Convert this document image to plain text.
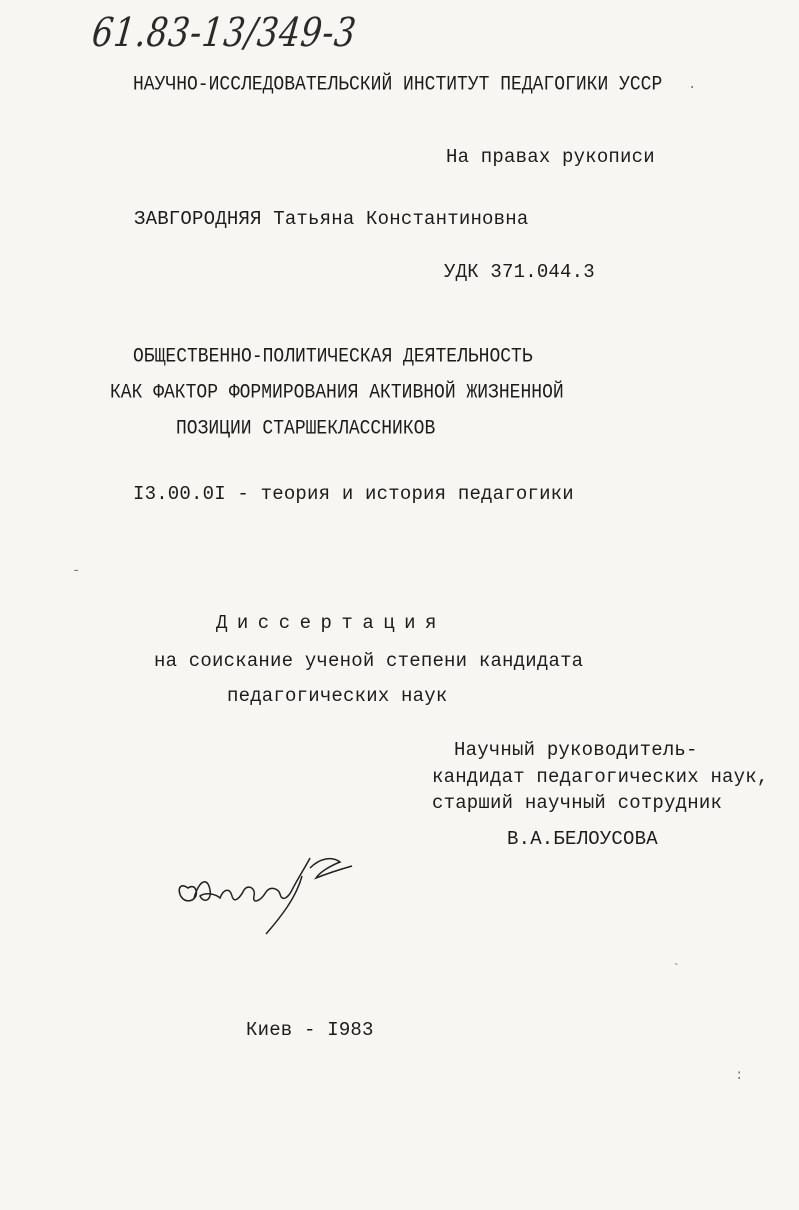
61.83-13/349-3
НАУЧНО-ИССЛЕДОВАТЕЛЬСКИЙ ИНСТИТУТ ПЕДАГОГИКИ УССР
На правах рукописи
ЗАВГОРОДНЯЯ Татьяна Константиновна
УДК 371.044.3
ОБЩЕСТВЕННО-ПОЛИТИЧЕСКАЯ ДЕЯТЕЛЬНОСТЬ
КАК ФАКТОР ФОРМИРОВАНИЯ АКТИВНОЙ ЖИЗНЕННОЙ
ПОЗИЦИИ СТАРШЕКЛАССНИКОВ
I3.00.0I - теория и история педагогики
Диссертация
на соискание ученой степени кандидата
педагогических наук
Научный руководитель-
кандидат педагогических наук,
старший научный сотрудник
В.А.БЕЛОУСОВА
Киев - I983
·
-
`
:
